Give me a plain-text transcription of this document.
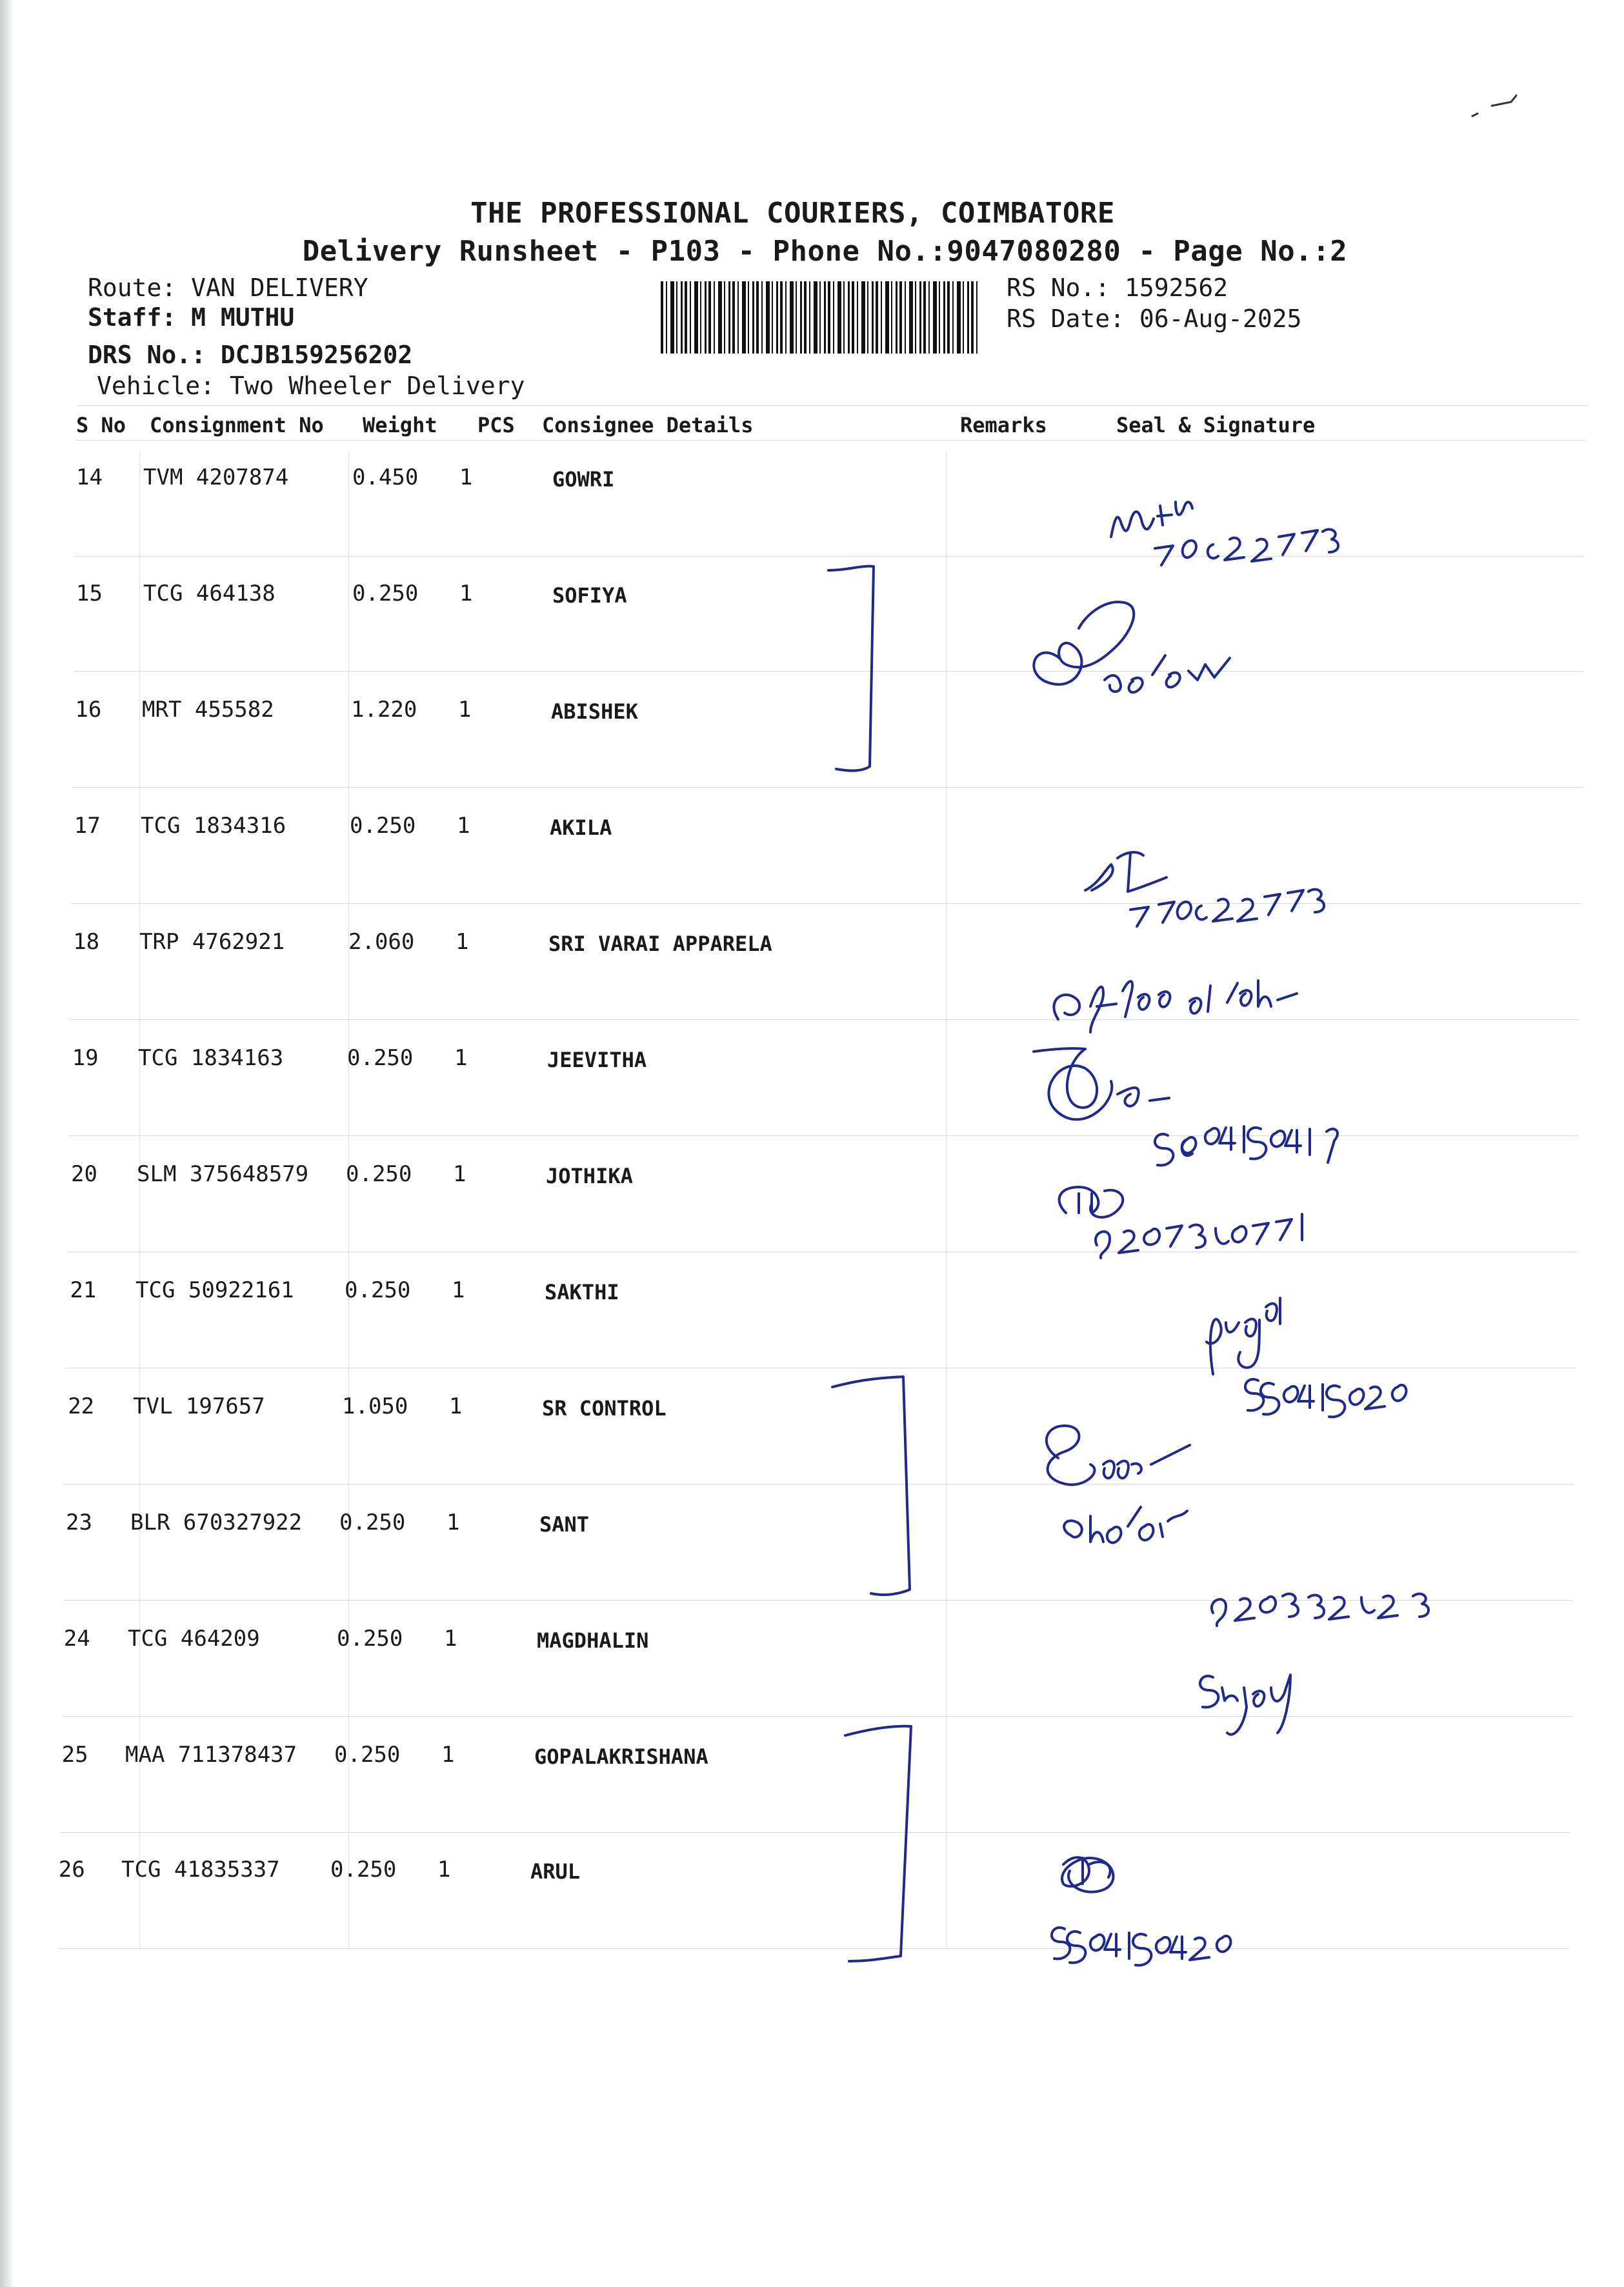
THE PROFESSIONAL COURIERS, COIMBATORE
Delivery Runsheet - P103 - Phone No.:9047080280 - Page No.:2
Route: VAN DELIVERY
Staff: M MUTHU
DRS No.: DCJB159256202
Vehicle: Two Wheeler Delivery
RS No.: 1592562
RS Date: 06-Aug-2025
S No Consignment No Weight PCS Consignee Details	Remarks	Seal & Signature
14 TVM 4207874	0.450 1	GOWRI
15 TCG 464138	0.250 1	SOFIYA
16 MRT 455582	1.220 1	ABISHEK
17 TCG 1834316	0.250 1	AKILA
18 TRP 4762921	2.060 1	SRI VARAI APPARELA
19 TCG 1834163	0.250 1	JEEVITHA
20 SLM 375648579 0.250 1	JOTHIKA
21 TCG 50922161 0.250 1	SAKTHI
22 TVL 197657	1.050 1	SR CONTROL
23 BLR 670327922 0.250 1	SANT
24 TCG 464209	0.250 1	MAGDHALIN
25 MAA 711378437 0.250 1	GOPALAKRISHANA
26 TCG 41835337 0.250 1	ARUL
